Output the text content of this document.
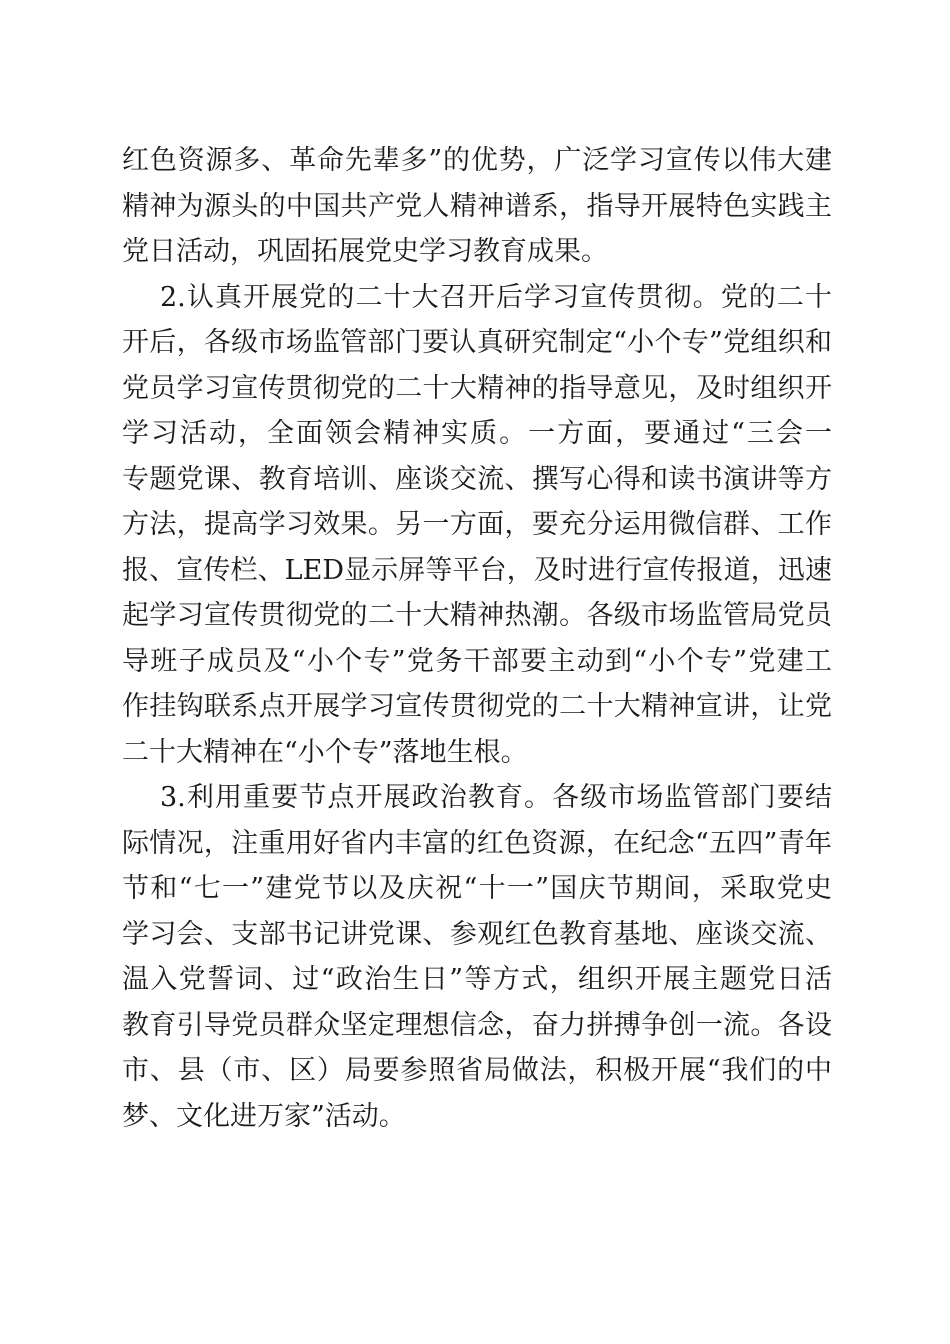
红色资源多、革命先辈多”的优势，广泛学习宣传以伟大建
精神为源头的中国共产党人精神谱系，指导开展特色实践主
党日活动，巩固拓展党史学习教育成果。
2.认真开展党的二十大召开后学习宣传贯彻。党的二十
开后，各级市场监管部门要认真研究制定“小个专”党组织和
党员学习宣传贯彻党的二十大精神的指导意见，及时组织开
学习活动，全面领会精神实质。一方面，要通过“三会一
专题党课、教育培训、座谈交流、撰写心得和读书演讲等方
方法，提高学习效果。另一方面，要充分运用微信群、工作
报、宣传栏、LED显示屏等平台，及时进行宣传报道，迅速
起学习宣传贯彻党的二十大精神热潮。各级市场监管局党员
导班子成员及“小个专”党务干部要主动到“小个专”党建工
作挂钩联系点开展学习宣传贯彻党的二十大精神宣讲，让党
二十大精神在“小个专”落地生根。
3.利用重要节点开展政治教育。各级市场监管部门要结
际情况，注重用好省内丰富的红色资源，在纪念“五四”青年
节和“七一”建党节以及庆祝“十一”国庆节期间，采取党史
学习会、支部书记讲党课、参观红色教育基地、座谈交流、
温入党誓词、过“政治生日”等方式，组织开展主题党日活
教育引导党员群众坚定理想信念，奋力拼搏争创一流。各设
市、县（市、区）局要参照省局做法，积极开展“我们的中
梦、文化进万家”活动。
